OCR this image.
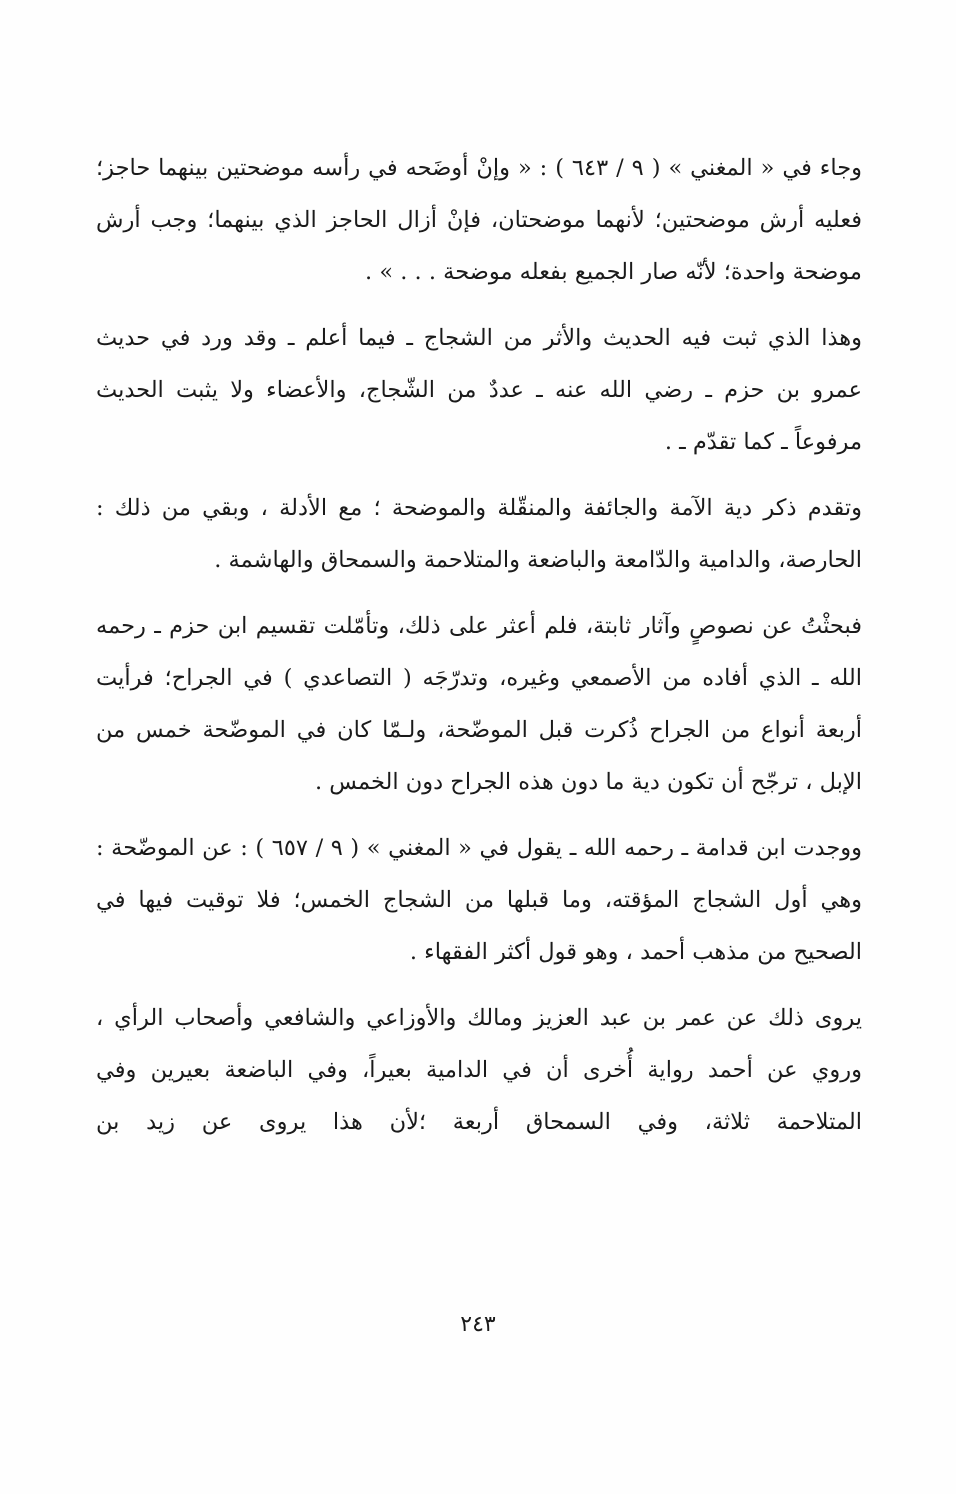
وجاء في « المغني » ( ٩ / ٦٤٣ ) : « وإنْ أوضَحه في رأسه موضحتين بينهما حاجز؛ فعليه أرش موضحتين؛ لأنهما موضحتان، فإنْ أزال الحاجز الذي بينهما؛ وجب أرش موضحة واحدة؛ لأنّه صار الجميع بفعله موضحة . . . » .

وهذا الذي ثبت فيه الحديث والأثر من الشجاج ـ فيما أعلم ـ وقد ورد في حديث عمرو بن حزم ـ رضي الله عنه ـ عددٌ من الشّجاج، والأعضاء ولا يثبت الحديث مرفوعاً ـ كما تقدّم ـ .

وتقدم ذكر دية الآمة والجائفة والمنقّلة والموضحة ؛ مع الأدلة ، وبقي من ذلك : الحارصة، والدامية والدّامعة والباضعة والمتلاحمة والسمحاق والهاشمة .

فبحثْتُ عن نصوصٍ وآثار ثابتة، فلم أعثر على ذلك، وتأمّلت تقسيم ابن حزم ـ رحمه الله ـ الذي أفاده من الأصمعي وغيره، وتدرّجَه ( التصاعدي ) في الجراح؛ فرأيت أربعة أنواع من الجراح ذُكرت قبل الموضّحة، ولـمّا كان في الموضّحة خمس من الإبل ، ترجّح أن تكون دية ما دون هذه الجراح دون الخمس .

ووجدت ابن قدامة ـ رحمه الله ـ يقول في « المغني » ( ٩ / ٦٥٧ ) : عن الموضّحة : وهي أول الشجاج المؤقته، وما قبلها من الشجاج الخمس؛ فلا توقيت فيها في الصحيح من مذهب أحمد ، وهو قول أكثر الفقهاء .

يروى ذلك عن عمر بن عبد العزيز ومالك والأوزاعي والشافعي وأصحاب الرأي ، وروي عن أحمد رواية أُخرى أن في الدامية بعيراً، وفي الباضعة بعيرين وفي المتلاحمة ثلاثة، وفي السمحاق أربعة ؛لأن هذا يروى عن زيد بن

٢٤٣
